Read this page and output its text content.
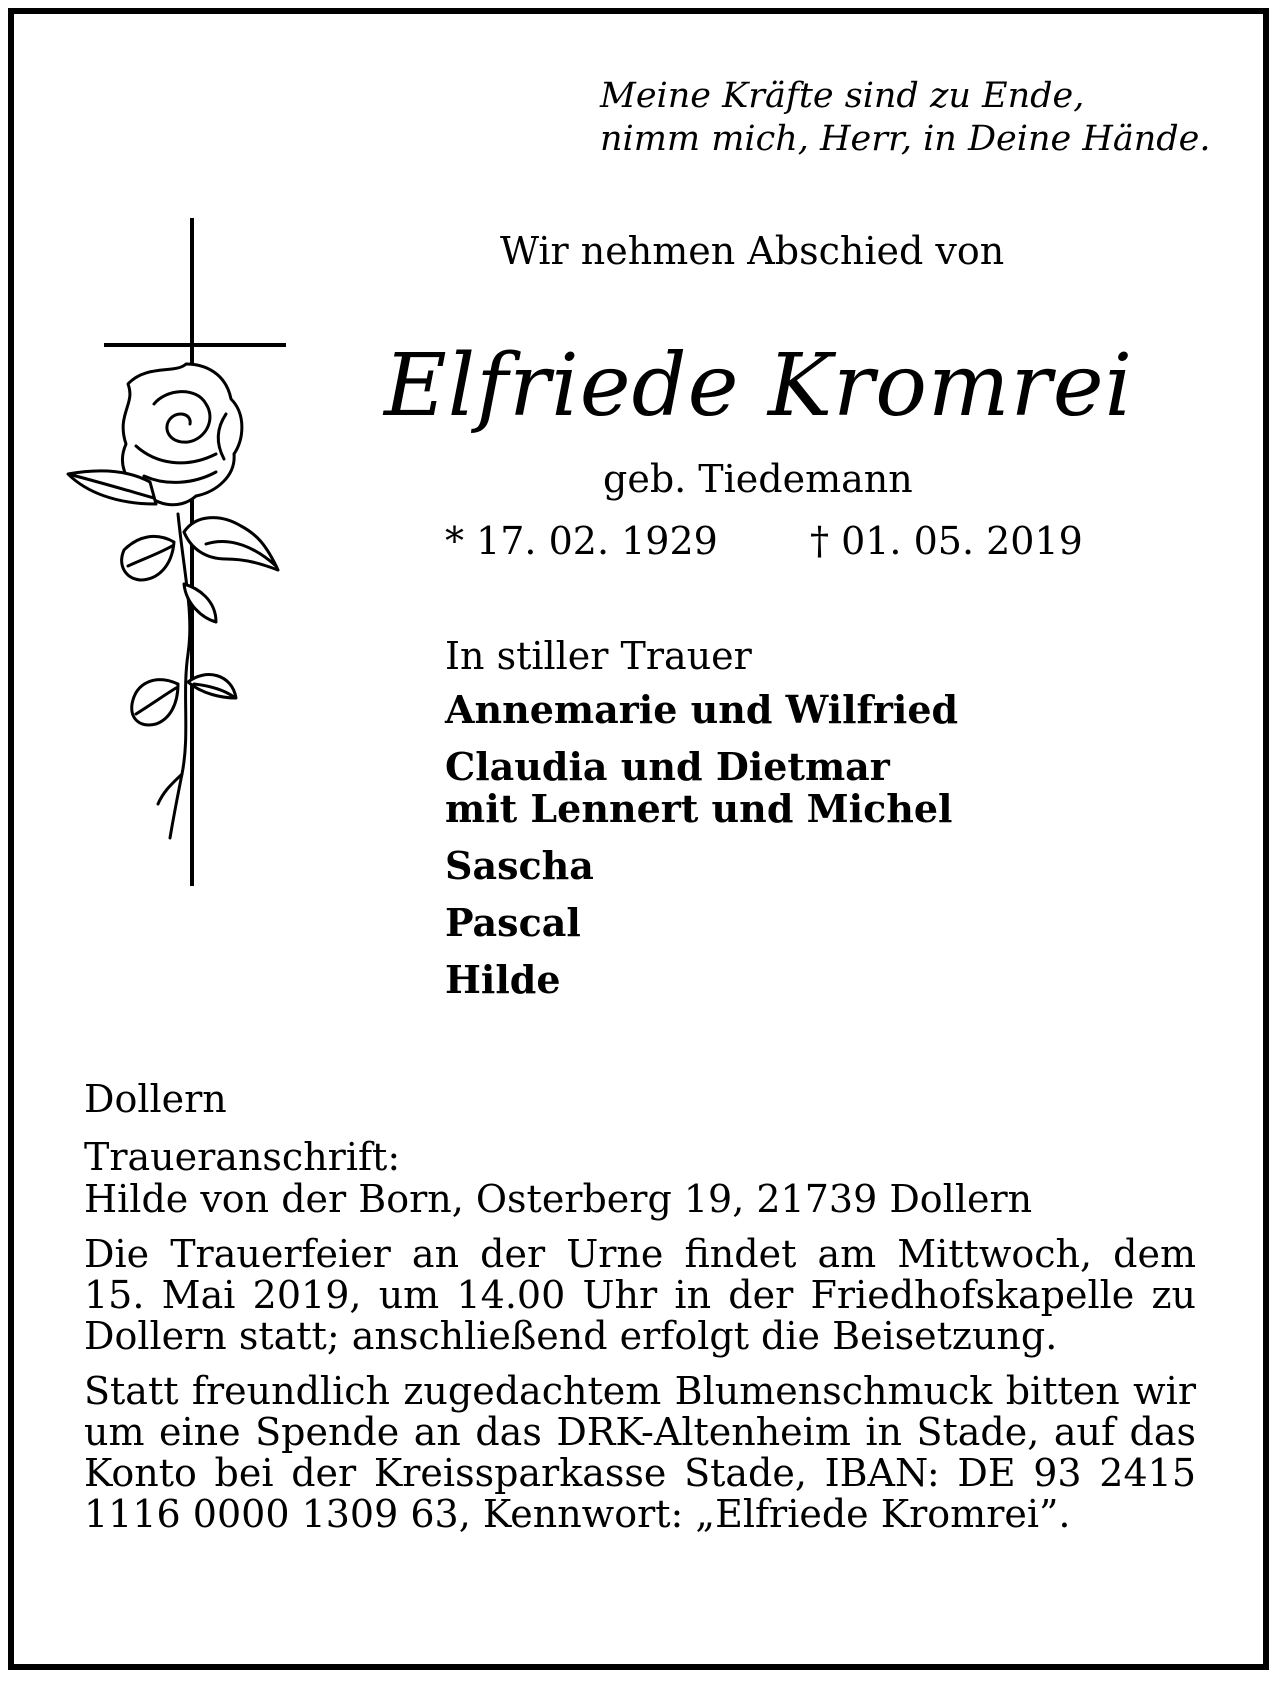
Meine Kräfte sind zu Ende,
nimm mich, Herr, in Deine Hände.
Wir nehmen Abschied von
Elfriede Kromrei
geb. Tiedemann
* 17. 02. 1929 † 01. 05. 2019
In stiller Trauer
Annemarie und Wilfried
Claudia und Dietmar
mit Lennert und Michel
Sascha
Pascal
Hilde
Dollern
Traueranschrift:
Hilde von der Born, Osterberg 19, 21739 Dollern
Die Trauerfeier an der Urne findet am Mittwoch, dem 15. Mai 2019, um 14.00 Uhr in der Friedhofskapelle zu Dollern statt; anschließend erfolgt die Beisetzung.
Statt freundlich zugedachtem Blumenschmuck bitten wir um eine Spende an das DRK-Altenheim in Stade, auf das Konto bei der Kreissparkasse Stade, IBAN: DE 93 2415 1116 0000 1309 63, Kennwort: „Elfriede Kromrei”.
